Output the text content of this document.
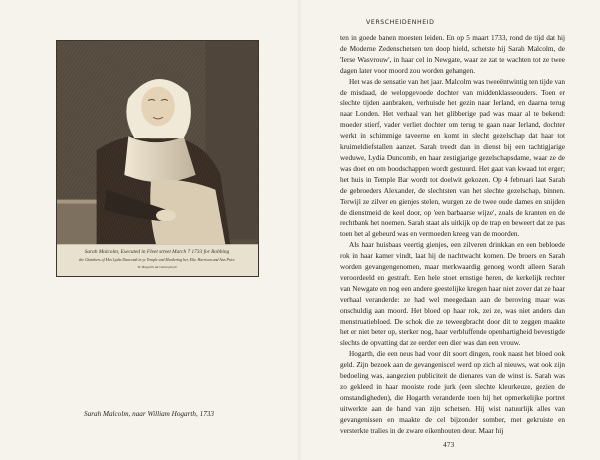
Sarah Malcolm, Executed in Fleet street March 7 1733 for Robbing
the Chambers of Mrs Lydia Duncomb in ye Temple and Murdering her, Eliz. Harrison and Ann Price
W. Hogarth ad vivum pinxit
Sarah Malcolm, naar William Hogarth, 1733
VERSCHEIDENHEID

ten in goede banen moesten leiden. En op 5 maart 1733, rond de tijd dat hij de Moderne Zedenschetsen ten doop hield, schetste hij Sarah Malcolm, de 'Ierse Wasvrouw', in haar cel in Newgate, waar ze zat te wachten tot ze twee dagen later voor moord zou worden gehangen.

Het was de sensatie van het jaar. Malcolm was tweeëntwintig ten tijde van de misdaad, de welopgevoede dochter van middenklasseouders. Toen er slechte tijden aanbraken, verhuisde het gezin naar Ierland, en daarna terug naar Londen. Het verhaal van het glibberige pad was maar al te bekend: moeder stierf, vader verliet dochter om terug te gaan naar Ierland, dochter werkt in schimmige taveerne en komt in slecht gezelschap dat haar tot kruimeldiefstallen aanzet. Sarah treedt dan in dienst bij een tachtigjarige weduwe, Lydia Duncomb, en haar zestigjarige gezelschapsdame, waar ze de was doet en om boodschappen wordt gestuurd. Het gaat van kwaad tot erger; het huis in Temple Bar wordt tot doelwit gekozen. Op 4 februari laat Sarah de gebroeders Alexander, de slechtsten van het slechte gezelschap, binnen. Terwijl ze zilver en gienjes stelen, wurgen ze de twee oude dames en snijden de dienstmeid de keel door, op 'een barbaarse wijze', zoals de kranten en de rechtbank het noemen. Sarah staat als uitkijk op de trap en beweert dat ze pas toen het al gebeurd was en vermoeden kreeg van de moorden.

Als haar huisbaas veertig gienjes, een zilveren drinkkan en een bebloede rok in haar kamer vindt, laat hij de nachtwacht komen. De broers en Sarah worden gevangengenomen, maar merkwaardig genoeg wordt alleen Sarah veroordeeld en gestraft. Een hele stoet ernstige heren, de kerkelijk rechter van Newgate en nog een andere geestelijke kregen haar niet zover dat ze haar verhaal veranderde: ze had wel meegedaan aan de beroving maar was onschuldig aan moord. Het bloed op haar rok, zei ze, was niet anders dan menstruatiebloed. De schok die ze teweegbracht door dit te zeggen maakte het er niet beter op, sterker nog, haar verbluffende openhartigheid bevestigde slechts de opvatting dat ze eerder een dier was dan een vrouw.

Hogarth, die een neus had voor dit soort dingen, rook naast het bloed ook geld. Zijn bezoek aan de gevangeniscel werd op zich al nieuws, wat ook zijn bedoeling was, aangezien publiciteit de dienares van de winst is. Sarah was zo gekleed in haar mooiste rode jurk (een slechte kleurkeuze, gezien de omstandigheden), die Hogarth veranderde toen hij het opmerkelijke portret uitwerkte aan de hand van zijn schetsen. Hij wist natuurlijk alles van gevangenissen en maakte de cel bijzonder somber, met gekruiste en versterkte tralies in de zware eikenhouten deur. Maar hij

473
